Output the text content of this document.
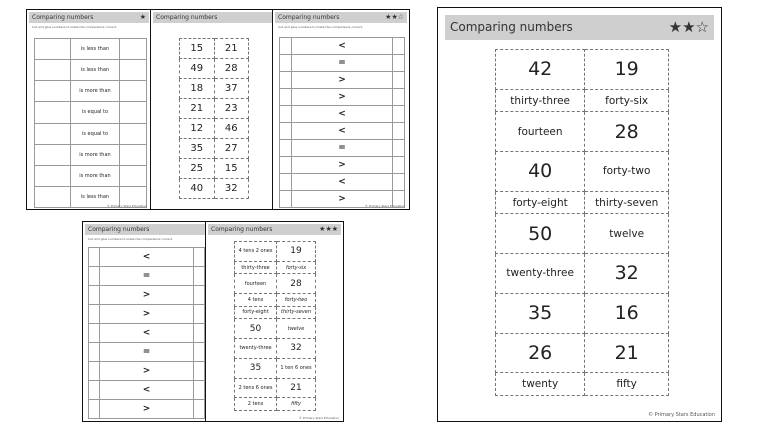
Comparing numbers	★
Cut and glue numbers to make the comparisons correct.
	is less than	
	is less than	
	is more than	
	is equal to	
	is equal to	
	is more than	
	is more than	
	is less than	
© Primary Stars Education
Comparing numbers
15	21
49	28
18	37
21	23
12	46
35	27
25	15
40	32
Comparing numbers	★★☆
Cut and glue numbers to make the comparisons correct.
	<	
	=	
	>	
	>	
	<	
	<	
	=	
	>	
	<	
	>	
© Primary Stars Education
Comparing numbers
Cut and glue numbers to make the comparisons correct.
	<	
	=	
	>	
	>	
	<	
	=	
	>	
	<	
	>	
Comparing numbers	★★★
4 tens 2 ones	19
thirty-three	forty-six
fourteen	28
4 tens	forty-two
forty-eight	thirty-seven
50	twelve
twenty-three	32
35	1 ten 6 ones
2 tens 6 ones	21
2 tens	fifty
© Primary Stars Education
Comparing numbers	★★☆
42	19
thirty-three	forty-six
fourteen	28
40	forty-two
forty-eight	thirty-seven
50	twelve
twenty-three	32
35	16
26	21
twenty	fifty
© Primary Stars Education
